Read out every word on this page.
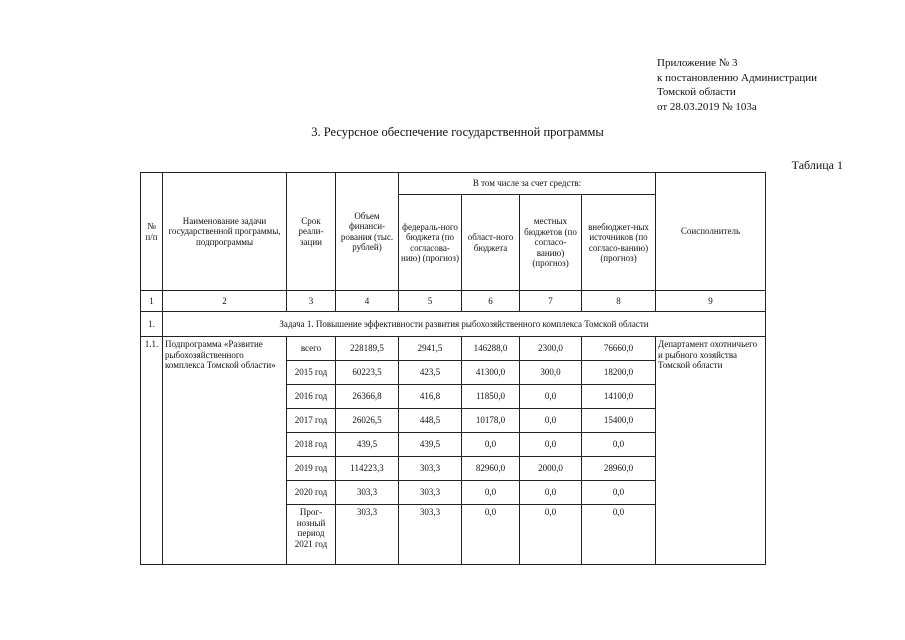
Приложение № 3
к постановлению Администрации
Томской области
от 28.03.2019 № 103а
3. Ресурсное обеспечение государственной программы
Таблица 1
№ п/п	Наименование задачи государственной программы, подпрограммы	Срок реали-зации	Объем финанси-рования (тыс. рублей)	В том числе за счет средств:				Соисполнитель
				федераль-ного бюджета (по согласова-нию) (прогноз)	област-ного бюджета	местных бюджетов (по согласо-ванию) (прогноз)	внебюджет-ных источников (по согласо-ванию) (прогноз)	
1	2	3	4	5	6	7	8	9
1.	Задача 1. Повышение эффективности развития рыбохозяйственного комплекса Томской области							
1.1.	Подпрограмма «Развитие рыбохозяйственного комплекса Томской области»	всего	228189,5	2941,5	146288,0	2300,0	76660,0	Департамент охотничьего и рыбного хозяйства Томской области
		2015 год	60223,5	423,5	41300,0	300,0	18200,0	
		2016 год	26366,8	416,8	11850,0	0,0	14100,0	
		2017 год	26026,5	448,5	10178,0	0,0	15400,0	
		2018 год	439,5	439,5	0,0	0,0	0,0	
		2019 год	114223,3	303,3	82960,0	2000,0	28960,0	
		2020 год	303,3	303,3	0,0	0,0	0,0	
		Прог-нозный период 2021 год	303,3	303,3	0,0	0,0	0,0	
